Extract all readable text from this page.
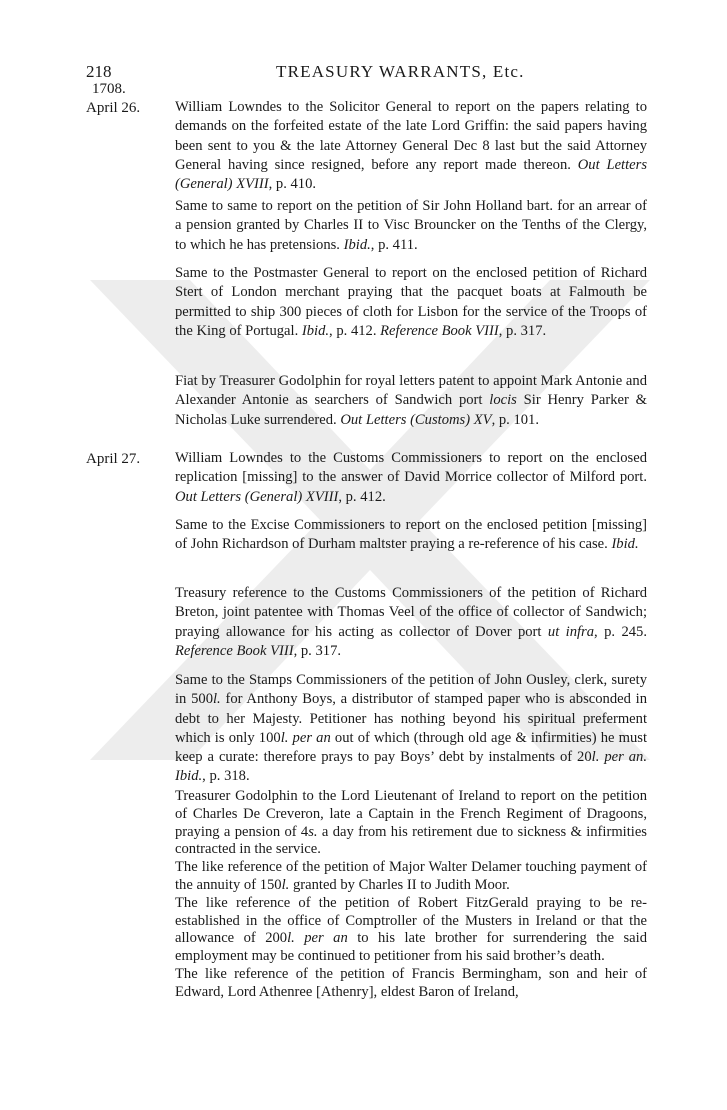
218	TREASURY WARRANTS, Etc.
1708.
April 26. William Lowndes to the Solicitor General to report on the papers relating to demands on the forfeited estate of the late Lord Griffin: the said papers having been sent to you & the late Attorney General Dec 8 last but the said Attorney General having since resigned, before any report made thereon. Out Letters (General) XVIII, p. 410.

Same to same to report on the petition of Sir John Holland bart. for an arrear of a pension granted by Charles II to Visc Brouncker on the Tenths of the Clergy, to which he has pretensions. Ibid., p. 411.

Same to the Postmaster General to report on the enclosed petition of Richard Stert of London merchant praying that the pacquet boats at Falmouth be permitted to ship 300 pieces of cloth for Lisbon for the service of the Troops of the King of Portugal. Ibid., p. 412. Reference Book VIII, p. 317.

Fiat by Treasurer Godolphin for royal letters patent to appoint Mark Antonie and Alexander Antonie as searchers of Sandwich port locis Sir Henry Parker & Nicholas Luke surrendered. Out Letters (Customs) XV, p. 101.

April 27. William Lowndes to the Customs Commissioners to report on the enclosed replication [missing] to the answer of David Morrice collector of Milford port. Out Letters (General) XVIII, p. 412.

Same to the Excise Commissioners to report on the enclosed petition [missing] of John Richardson of Durham maltster praying a re-reference of his case. Ibid.

Treasury reference to the Customs Commissioners of the petition of Richard Breton, joint patentee with Thomas Veel of the office of collector of Sandwich; praying allowance for his acting as collector of Dover port ut infra, p. 245. Reference Book VIII, p. 317.

Same to the Stamps Commissioners of the petition of John Ousley, clerk, surety in 500l. for Anthony Boys, a distributor of stamped paper who is absconded in debt to her Majesty. Petitioner has nothing beyond his spiritual preferment which is only 100l. per an out of which (through old age & infirmities) he must keep a curate: therefore prays to pay Boys’ debt by instalments of 20l. per an. Ibid., p. 318.

Treasurer Godolphin to the Lord Lieutenant of Ireland to report on the petition of Charles De Creveron, late a Captain in the French Regiment of Dragoons, praying a pension of 4s. a day from his retirement due to sickness & infirmities contracted in the service.
The like reference of the petition of Major Walter Delamer touching payment of the annuity of 150l. granted by Charles II to Judith Moor.
The like reference of the petition of Robert FitzGerald praying to be re-established in the office of Comptroller of the Musters in Ireland or that the allowance of 200l. per an to his late brother for surrendering the said employment may be continued to petitioner from his said brother’s death.
The like reference of the petition of Francis Bermingham, son and heir of Edward, Lord Athenree [Athenry], eldest Baron of Ireland,
